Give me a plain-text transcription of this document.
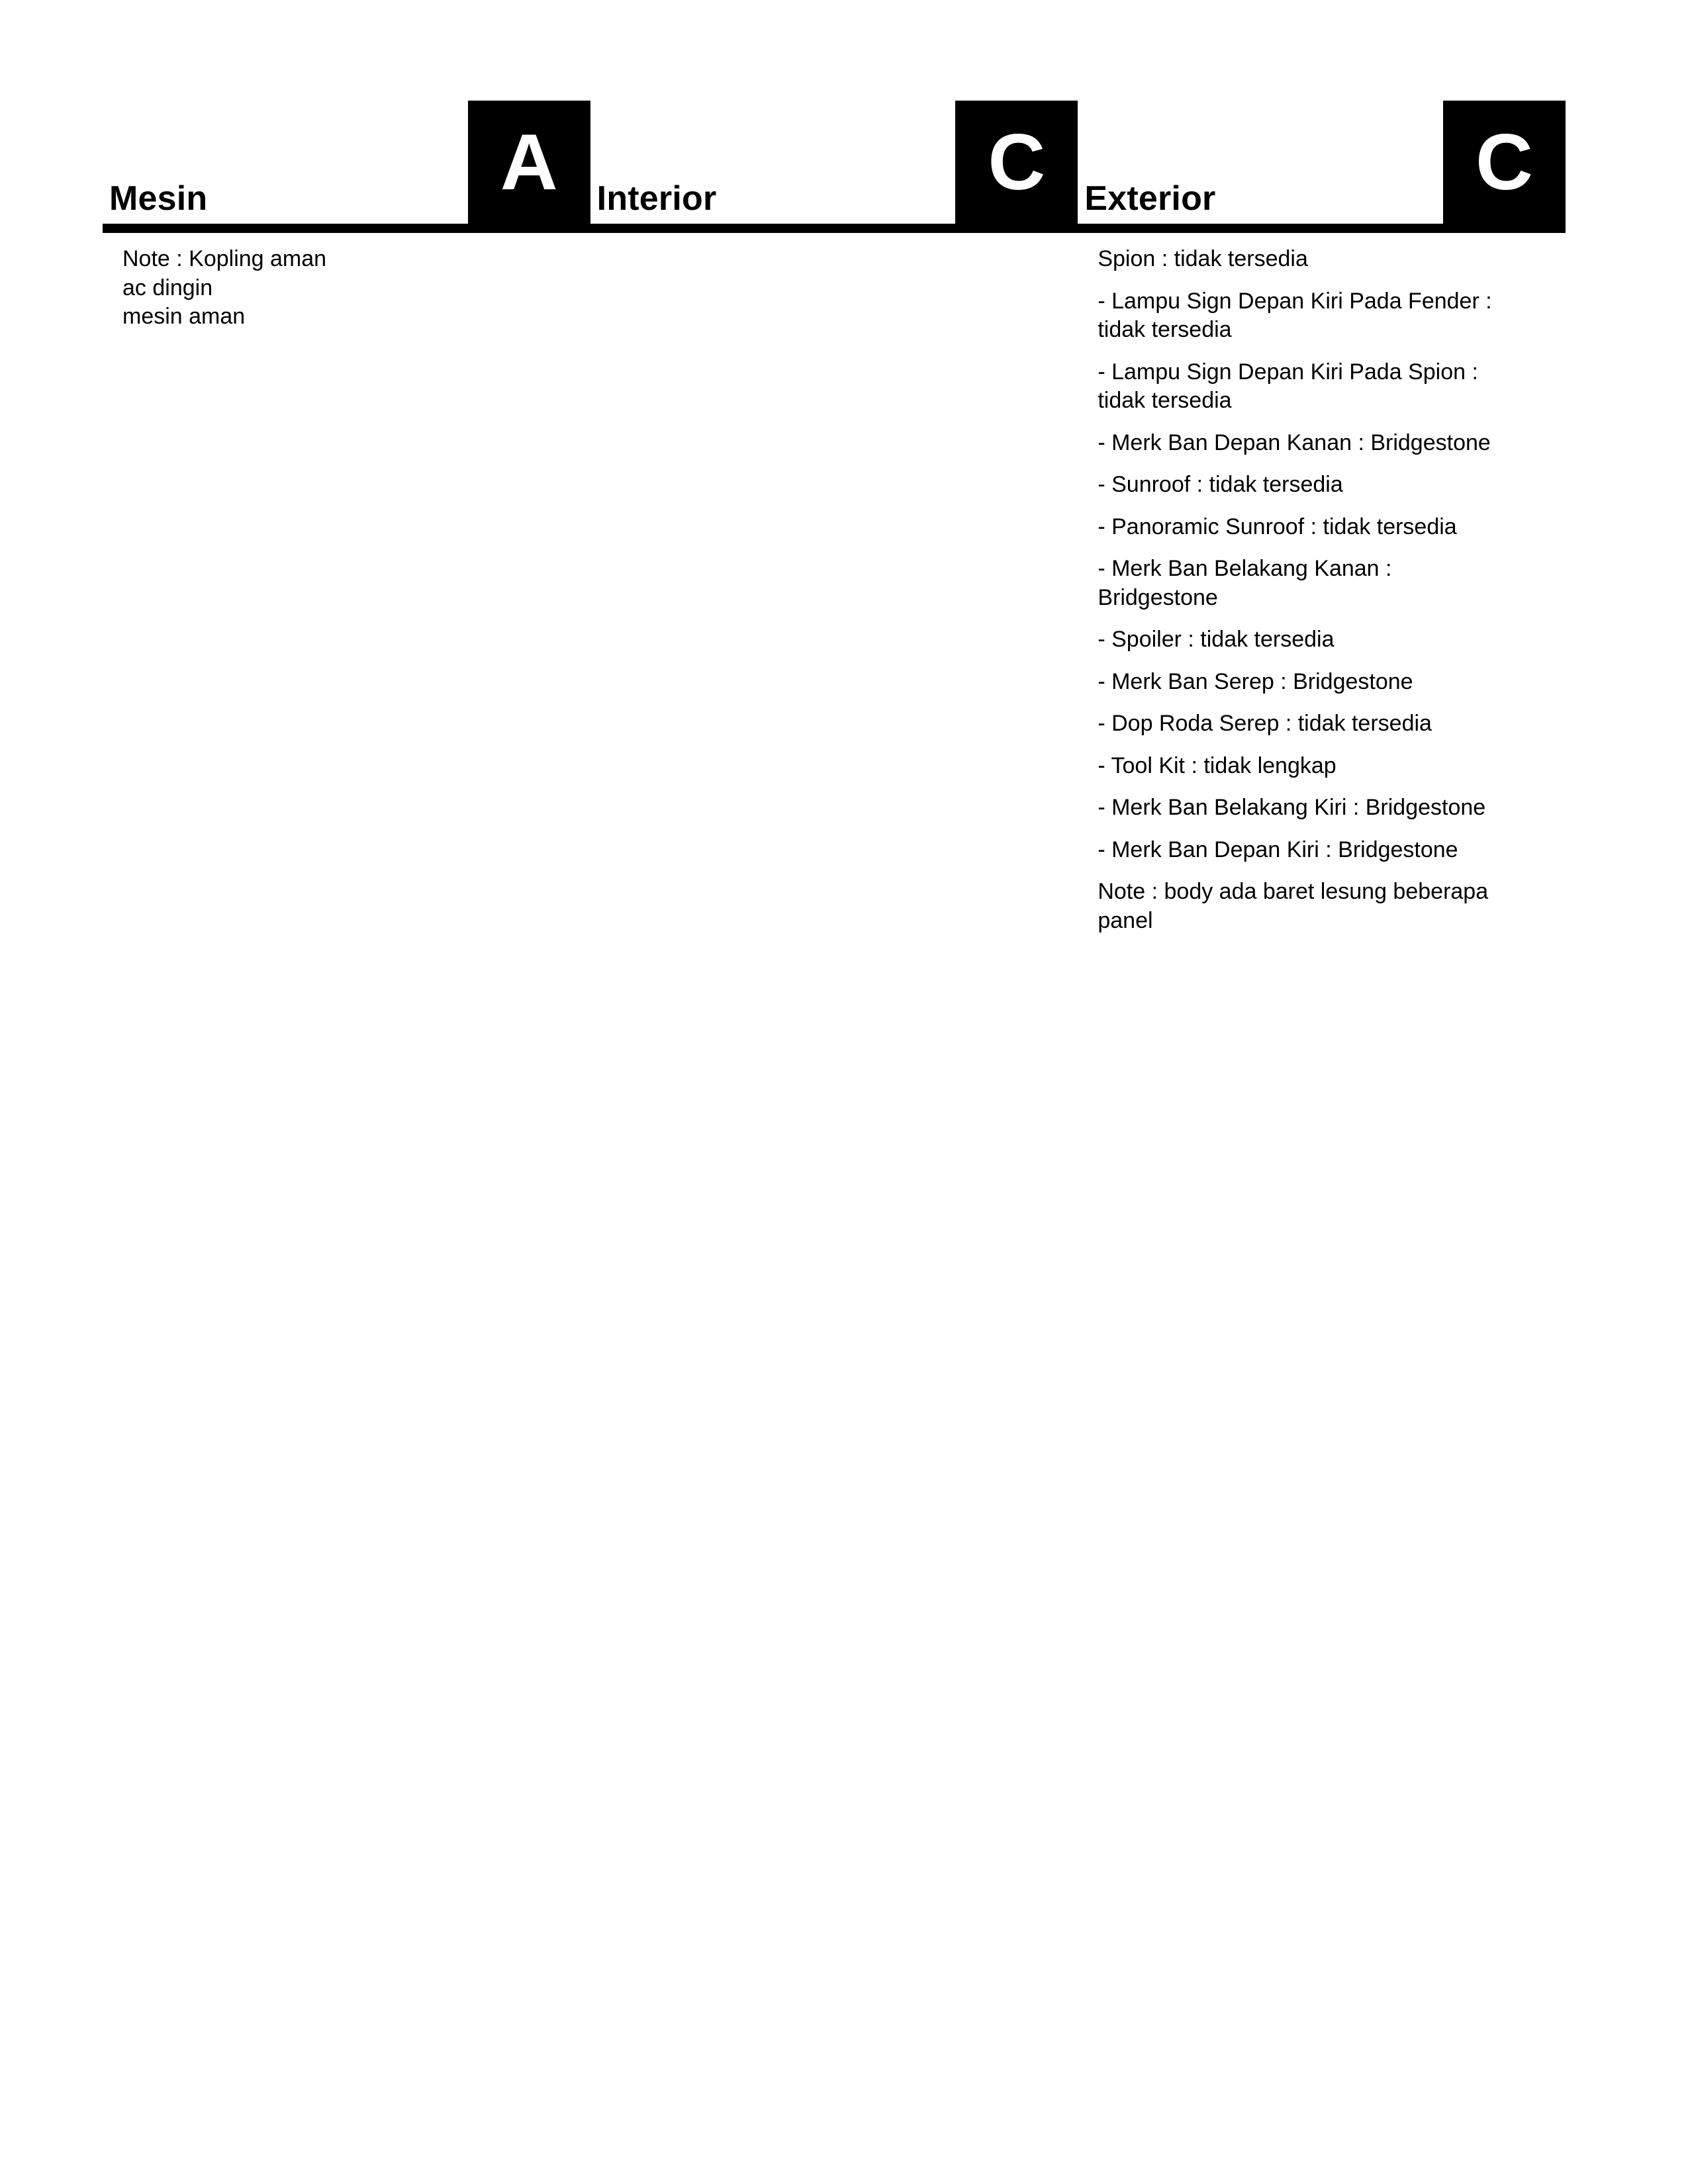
Mesin	A	Interior	C	Exterior	C
Note : Kopling aman
ac dingin
mesin aman
Spion : tidak tersedia
- Lampu Sign Depan Kiri Pada Fender : tidak tersedia
- Lampu Sign Depan Kiri Pada Spion : tidak tersedia
- Merk Ban Depan Kanan : Bridgestone
- Sunroof : tidak tersedia
- Panoramic Sunroof : tidak tersedia
- Merk Ban Belakang Kanan : Bridgestone
- Spoiler : tidak tersedia
- Merk Ban Serep : Bridgestone
- Dop Roda Serep : tidak tersedia
- Tool Kit : tidak lengkap
- Merk Ban Belakang Kiri : Bridgestone
- Merk Ban Depan Kiri : Bridgestone
Note : body ada baret lesung beberapa panel
